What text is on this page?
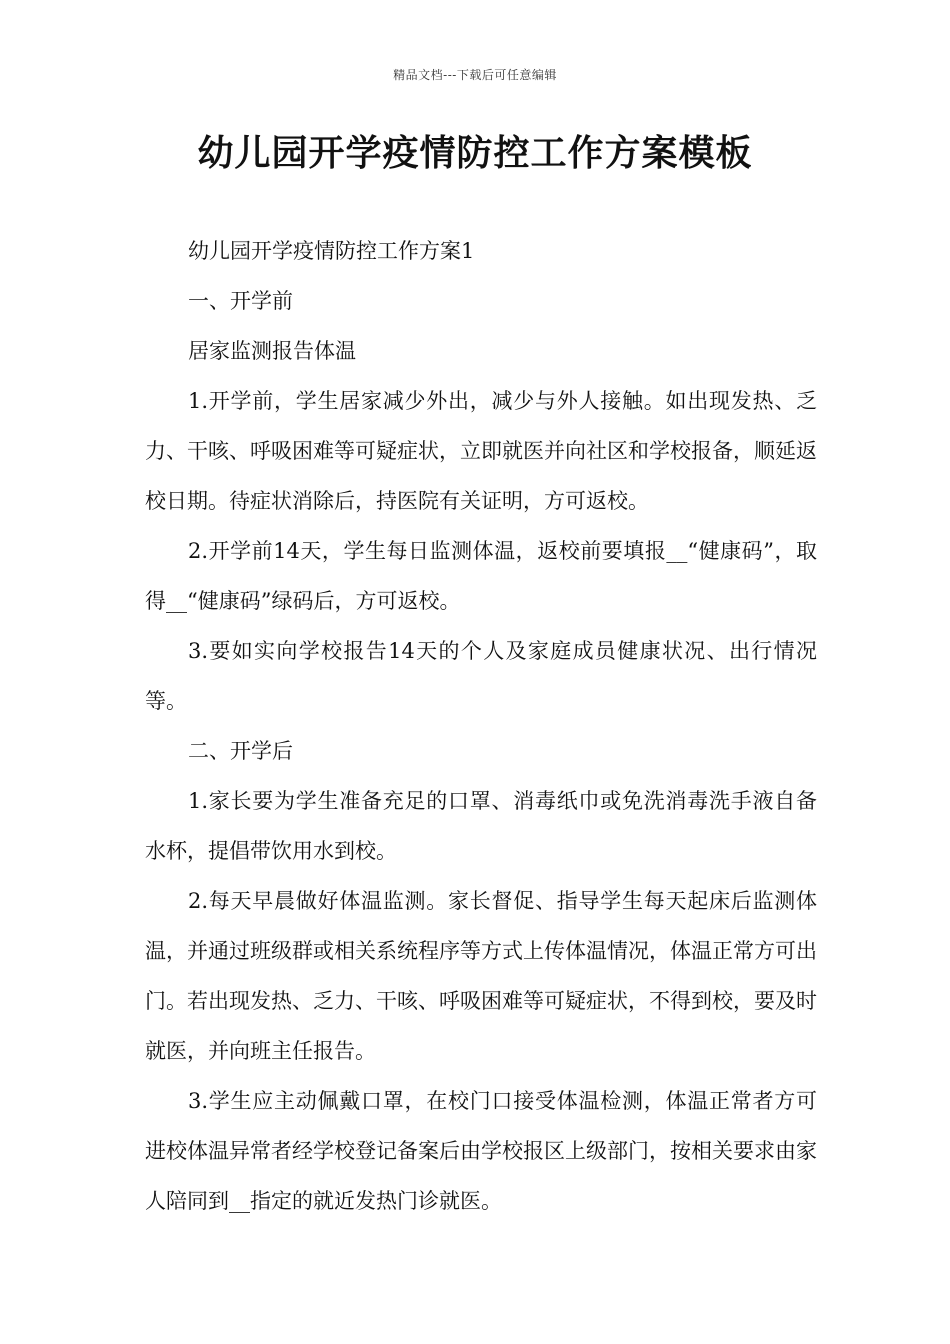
精品文档---下载后可任意编辑
幼儿园开学疫情防控工作方案模板

幼儿园开学疫情防控工作方案1

一、开学前

居家监测报告体温

1.开学前，学生居家减少外出，减少与外人接触。如出现发热、乏力、干咳、呼吸困难等可疑症状，立即就医并向社区和学校报备，顺延返校日期。待症状消除后，持医院有关证明，方可返校。

2.开学前14天，学生每日监测体温，返校前要填报__“健康码”，取得__“健康码”绿码后，方可返校。

3.要如实向学校报告14天的个人及家庭成员健康状况、出行情况等。

二、开学后

1.家长要为学生准备充足的口罩、消毒纸巾或免洗消毒洗手液自备水杯，提倡带饮用水到校。

2.每天早晨做好体温监测。家长督促、指导学生每天起床后监测体温，并通过班级群或相关系统程序等方式上传体温情况，体温正常方可出门。若出现发热、乏力、干咳、呼吸困难等可疑症状，不得到校，要及时就医，并向班主任报告。

3.学生应主动佩戴口罩，在校门口接受体温检测，体温正常者方可进校体温异常者经学校登记备案后由学校报区上级部门，按相关要求由家人陪同到__指定的就近发热门诊就医。
